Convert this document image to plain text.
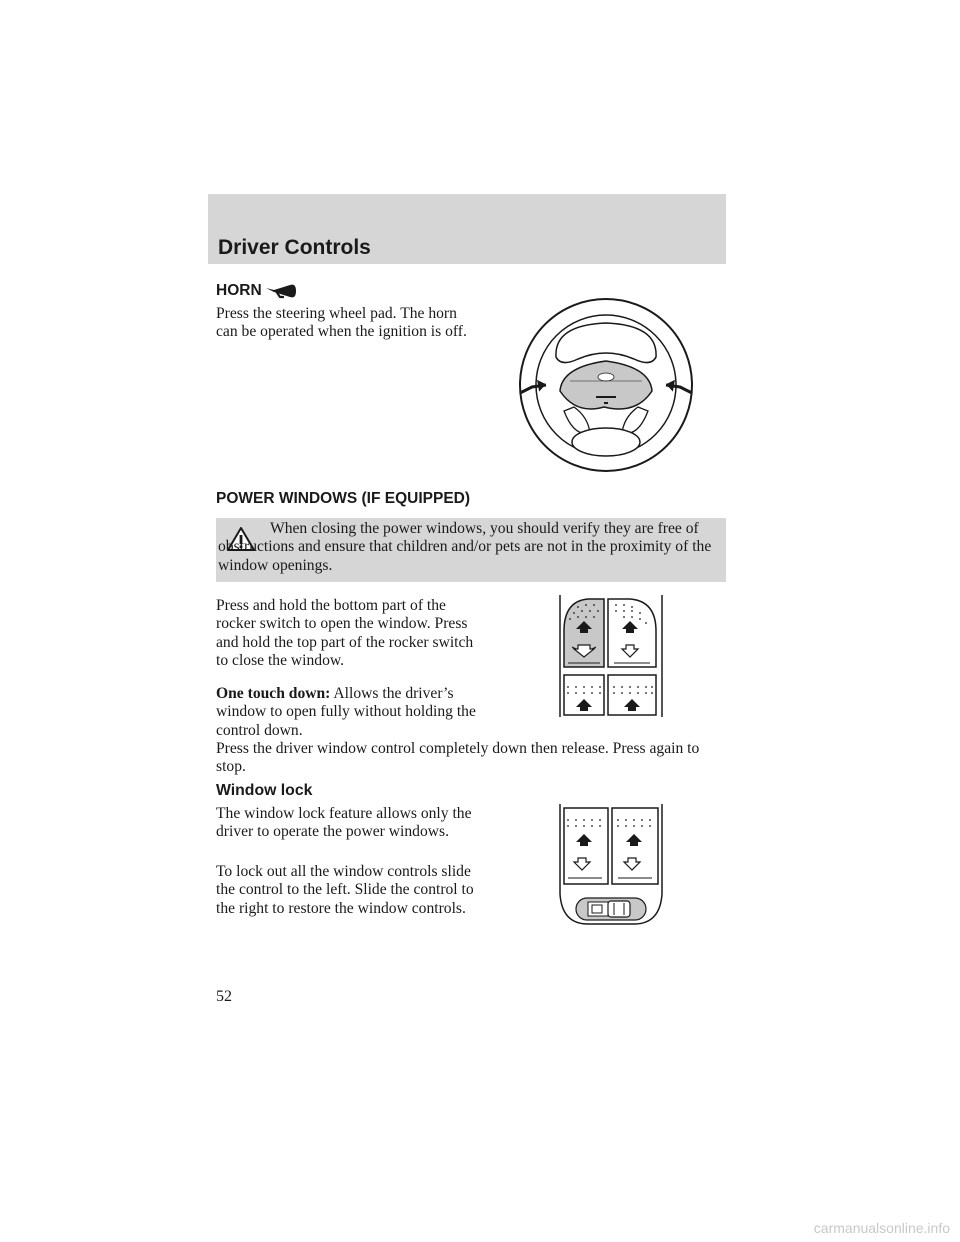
Driver Controls
HORN

Press the steering wheel pad. The horn can be operated when the ignition is off.

POWER WINDOWS (IF EQUIPPED)

When closing the power windows, you should verify they are free of obstructions and ensure that children and/or pets are not in the proximity of the window openings.

Press and hold the bottom part of the rocker switch to open the window. Press and hold the top part of the rocker switch to close the window.

One touch down: Allows the driver’s window to open fully without holding the control down.

Press the driver window control completely down then release. Press again to stop.

Window lock

The window lock feature allows only the driver to operate the power windows.

To lock out all the window controls slide the control to the left. Slide the control to the right to restore the window controls.

52
carmanualsonline.info
